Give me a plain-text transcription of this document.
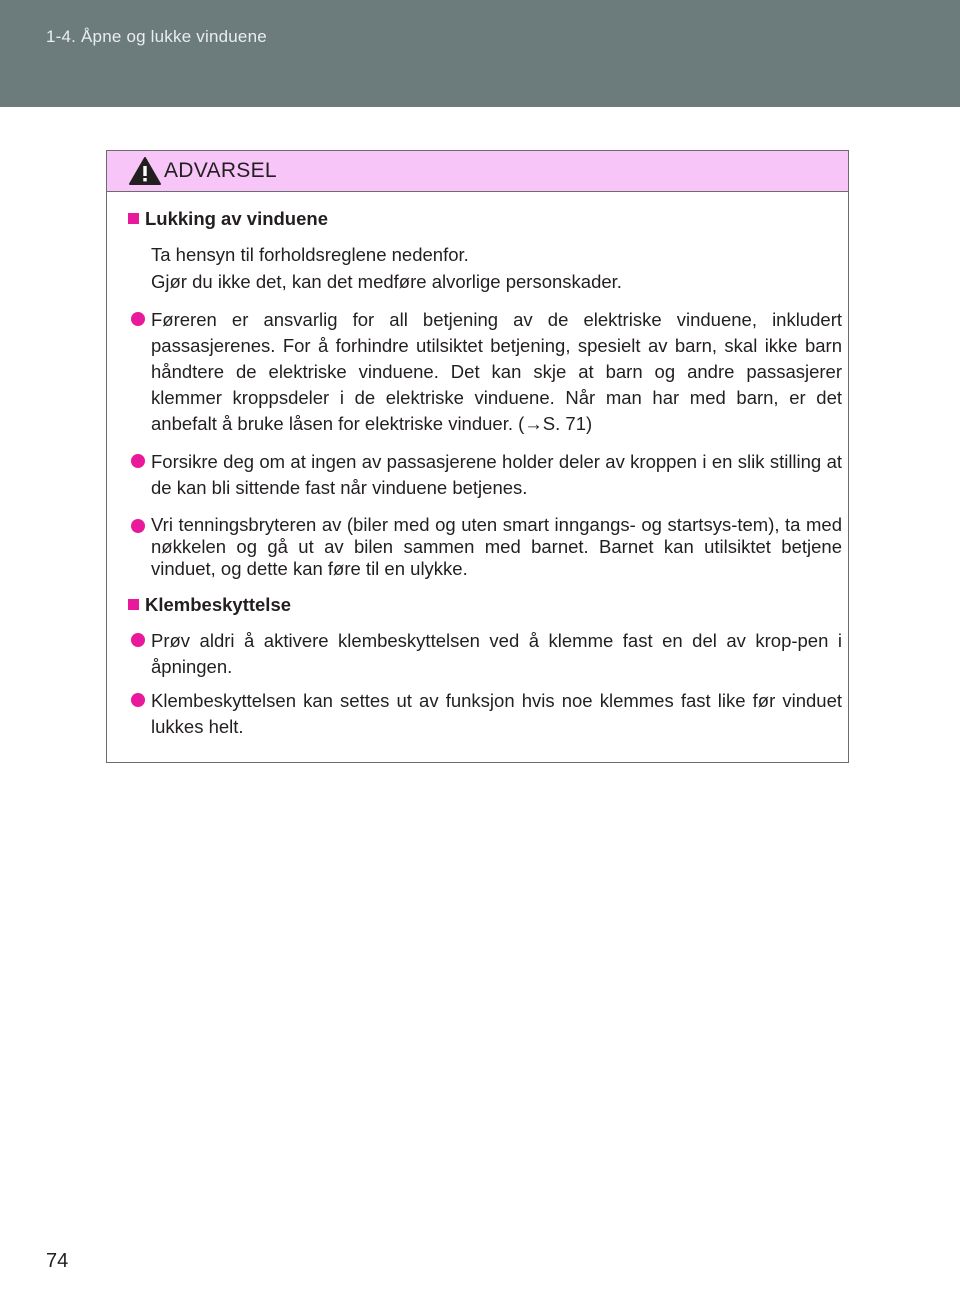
1-4. Åpne og lukke vinduene
ADVARSEL
Lukking av vinduene
Ta hensyn til forholdsreglene nedenfor.
Gjør du ikke det, kan det medføre alvorlige personskader.
Føreren er ansvarlig for all betjening av de elektriske vinduene, inkludert passasjerenes. For å forhindre utilsiktet betjening, spesielt av barn, skal ikke barn håndtere de elektriske vinduene. Det kan skje at barn og andre passasjerer klemmer kroppsdeler i de elektriske vinduene. Når man har med barn, er det anbefalt å bruke låsen for elektriske vinduer. (→S. 71)
Forsikre deg om at ingen av passasjerene holder deler av kroppen i en slik stilling at de kan bli sittende fast når vinduene betjenes.
Vri tenningsbryteren av (biler med og uten smart inngangs- og startsys-tem), ta med nøkkelen og gå ut av bilen sammen med barnet. Barnet kan utilsiktet betjene vinduet, og dette kan føre til en ulykke.
Klembeskyttelse
Prøv aldri å aktivere klembeskyttelsen ved å klemme fast en del av krop-pen i åpningen.
Klembeskyttelsen kan settes ut av funksjon hvis noe klemmes fast like før vinduet lukkes helt.
74
